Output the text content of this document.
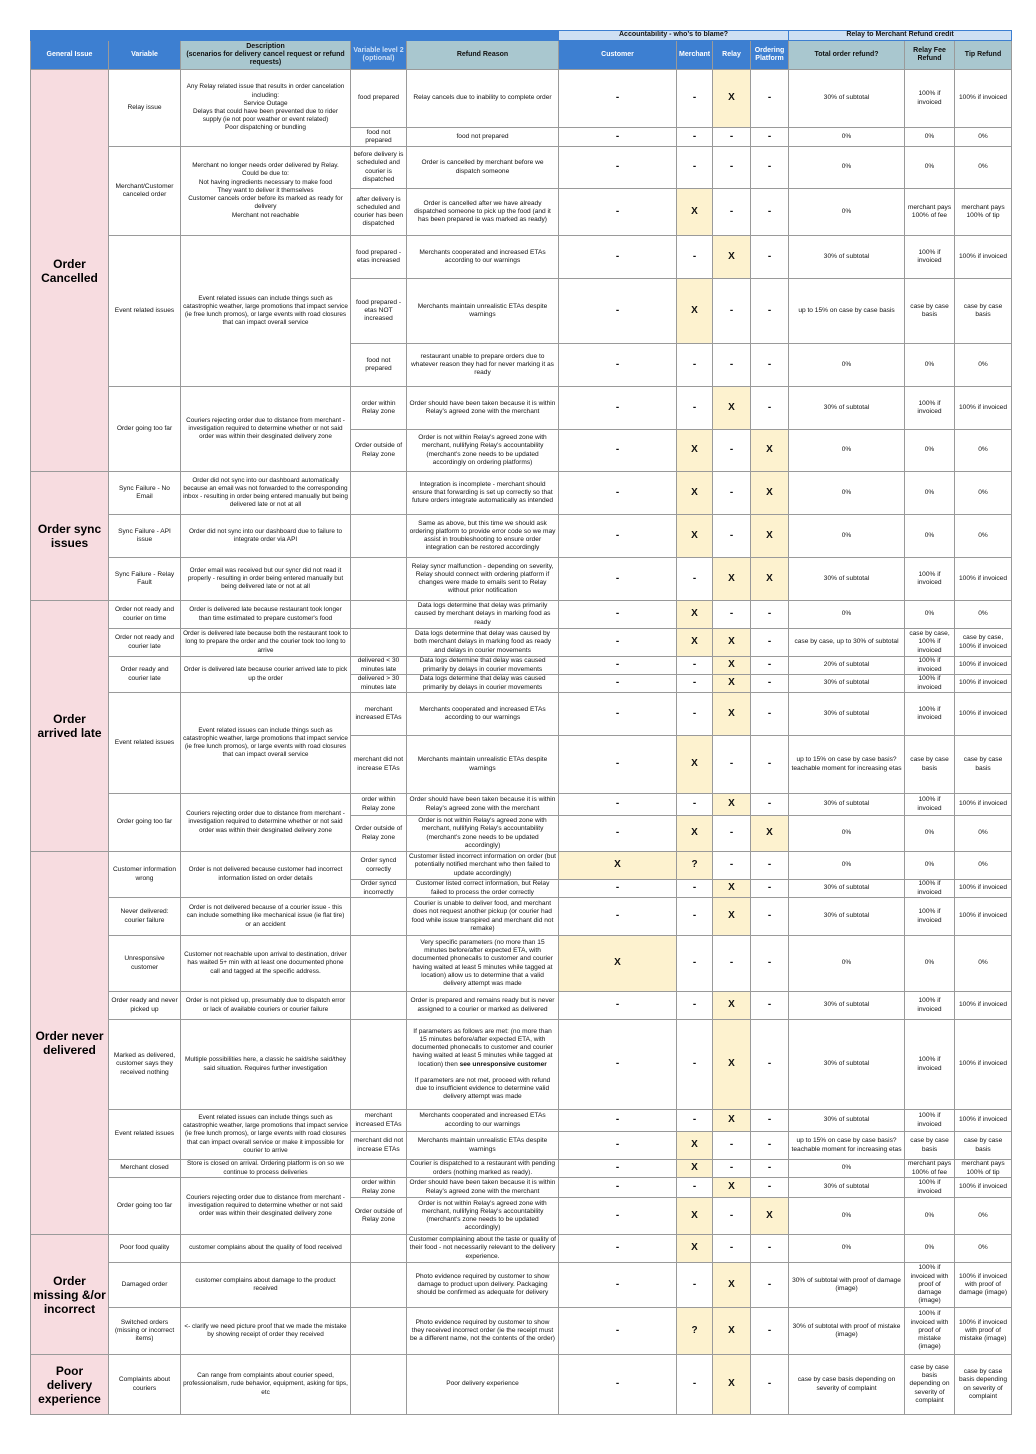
					Accountability - who's to blame?				Relay to Merchant Refund credit		
General Issue	Variable	Description
(scenarios for delivery cancel request or refund requests)	Variable level 2 (optional)	Refund Reason	Customer	Merchant	Relay	Ordering Platform	Total order refund?	Relay Fee Refund	Tip Refund
Order Cancelled	Relay issue	Any Relay related issue that results in order cancelation including:
Service Outage
Delays that could have been prevented due to rider supply (ie not poor weather or event related)
Poor dispatching or bundling	food prepared	Relay cancels due to inability to complete order	-	-	X	-	30% of subtotal	100% if invoiced	100% if invoiced
			food not prepared	food not prepared	-	-	-	-	0%	0%	0%
	Merchant/Customer canceled order	Merchant no longer needs order delivered by Relay. Could be due to:
Not having ingredients necessary to make food
They want to deliver it themselves
Customer cancels order before its marked as ready for delivery
Merchant not reachable	before delivery is scheduled and courier is dispatched	Order is cancelled by merchant before we dispatch someone	-	-	-	-	0%	0%	0%
			after delivery is scheduled and courier has been dispatched	Order is cancelled after we have already dispatched someone to pick up the food (and it has been prepared ie was marked as ready)	-	X	-	-	0%	merchant pays 100% of fee	merchant pays 100% of tip
	Event related issues	Event related issues can include things such as catastrophic weather, large promotions that impact service (ie free lunch promos), or large events with road closures that can impact overall service	food prepared - etas increased	Merchants cooperated and increased ETAs according to our warnings	-	-	X	-	30% of subtotal	100% if invoiced	100% if invoiced
			food prepared - etas NOT increased	Merchants maintain unrealistic ETAs despite warnings	-	X	-	-	up to 15% on case by case basis	case by case basis	case by case basis
			food not prepared	restaurant unable to prepare orders due to whatever reason they had for never marking it as ready	-	-	-	-	0%	0%	0%
	Order going too far	Couriers rejecting order due to distance from merchant - investigation required to determine whether or not said order was within their desginated delivery zone	order within Relay zone	Order should have been taken because it is within Relay's agreed zone with the merchant	-	-	X	-	30% of subtotal	100% if invoiced	100% if invoiced
			Order outside of Relay zone	Order is not within Relay's agreed zone with merchant, nullifying Relay's accountability (merchant's zone needs to be updated accordingly on ordering platforms)	-	X	-	X	0%	0%	0%
Order sync issues	Sync Failure - No Email	Order did not sync into our dashboard automatically because an email was not forwarded to the corresponding inbox - resulting in order being entered manually but being delivered late or not at all		Integration is incomplete - merchant should ensure that forwarding is set up correctly so that future orders integrate automatically as intended	-	X	-	X	0%	0%	0%
	Sync Failure - API issue	Order did not sync into our dashboard due to failure to integrate order via API		Same as above, but this time we should ask ordering platform to provide error code so we may assist in troubleshooting to ensure order integration can be restored accordingly	-	X	-	X	0%	0%	0%
	Sync Failure - Relay Fault	Order email was received but our syncr did not read it properly - resulting in order being entered manually but being delivered late or not at all		Relay syncr malfunction - depending on severity, Relay should connect with ordering platform if changes were made to emails sent to Relay without prior notification	-	-	X	X	30% of subtotal	100% if invoiced	100% if invoiced
Order arrived late	Order not ready and courier on time	Order is delivered late because restaurant took longer than time estimated to prepare customer's food		Data logs determine that delay was primarily caused by merchant delays in marking food as ready	-	X	-	-	0%	0%	0%
	Order not ready and courier late	Order is delivered late because both the restaurant took to long to prepare the order and the courier took too long to arrive		Data logs determine that delay was caused by both merchant delays in marking food as ready and delays in courier movements	-	X	X	-	case by case, up to 30% of subtotal	case by case, 100% if invoiced	case by case, 100% if invoiced
	Order ready and courier late	Order is delivered late because courier arrived late to pick up the order	delivered < 30 minutes late	Data logs determine that delay was caused primarily by delays in courier movements	-	-	X	-	20% of subtotal	100% if invoiced	100% if invoiced
			delivered > 30 minutes late	Data logs determine that delay was caused primarily by delays in courier movements	-	-	X	-	30% of subtotal	100% if invoiced	100% if invoiced
	Event related issues	Event related issues can include things such as catastrophic weather, large promotions that impact service (ie free lunch promos), or large events with road closures that can impact overall service	merchant increased ETAs	Merchants cooperated and increased ETAs according to our warnings	-	-	X	-	30% of subtotal	100% if invoiced	100% if invoiced
			merchant did not increase ETAs	Merchants maintain unrealistic ETAs despite warnings	-	X	-	-	up to 15% on case by case basis? teachable moment for increasing etas	case by case basis	case by case basis
	Order going too far	Couriers rejecting order due to distance from merchant - investigation required to determine whether or not said order was within their desginated delivery zone	order within Relay zone	Order should have been taken because it is within Relay's agreed zone with the merchant	-	-	X	-	30% of subtotal	100% if invoiced	100% if invoiced
			Order outside of Relay zone	Order is not within Relay's agreed zone with merchant, nullifying Relay's accountability (merchant's zone needs to be updated accordingly)	-	X	-	X	0%	0%	0%
Order never delivered	Customer information wrong	Order is not delivered because customer had incorrect information listed on order details	Order syncd correctly	Customer listed incorrect information on order (but potentially notified merchant who then failed to update accordingly)	X	?	-	-	0%	0%	0%
			Order syncd incorrectly	Customer listed correct information, but Relay failed to process the order correctly	-	-	X	-	30% of subtotal	100% if invoiced	100% if invoiced
	Never delivered: courier failure	Order is not delivered because of a courier issue - this can include something like mechanical issue (ie flat tire) or an accident		Courier is unable to deliver food, and merchant does not request another pickup (or courier had food while issue transpired and merchant did not remake)	-	-	X	-	30% of subtotal	100% if invoiced	100% if invoiced
	Unresponsive customer	Customer not reachable upon arrival to destination, driver has waited 5+ min with at least one documented phone call and tagged at the specific address.		Very specific parameters (no more than 15 minutes before/after expected ETA, with documented phonecalls to customer and courier having waited at least 5 minutes while tagged at location) allow us to determine that a valid delivery attempt was made	X	-	-	-	0%	0%	0%
	Order ready and never picked up	Order is not picked up, presumably due to dispatch error or lack of available couriers or courier failure		Order is prepared and remains ready but is never assigned to a courier or marked as delivered	-	-	X	-	30% of subtotal	100% if invoiced	100% if invoiced
	Marked as delivered, customer says they received nothing	Multiple possibilities here, a classic he said/she said/they said situation. Requires further investigation		If parameters as follows are met: (no more than 15 minutes before/after expected ETA, with documented phonecalls to customer and courier having waited at least 5 minutes while tagged at location) then see unresponsive customer
If parameters are not met, proceed with refund due to insufficient evidence to determine valid delivery attempt was made	-	-	X	-	30% of subtotal	100% if invoiced	100% if invoiced
	Event related issues	Event related issues can include things such as catastrophic weather, large promotions that impact service (ie free lunch promos), or large events with road closures that can impact overall service or make it impossible for courier to arrive	merchant increased ETAs	Merchants cooperated and increased ETAs according to our warnings	-	-	X	-	30% of subtotal	100% if invoiced	100% if invoiced
			merchant did not increase ETAs	Merchants maintain unrealistic ETAs despite warnings	-	X	-	-	up to 15% on case by case basis? teachable moment for increasing etas	case by case basis	case by case basis
	Merchant closed	Store is closed on arrival. Ordering platform is on so we continue to process deliveries		Courier is dispatched to a restaurant with pending orders (nothing marked as ready).	-	X	-	-	0%	merchant pays 100% of fee	merchant pays 100% of tip
	Order going too far	Couriers rejecting order due to distance from merchant - investigation required to determine whether or not said order was within their desginated delivery zone	order within Relay zone	Order should have been taken because it is within Relay's agreed zone with the merchant	-	-	X	-	30% of subtotal	100% if invoiced	100% if invoiced
			Order outside of Relay zone	Order is not within Relay's agreed zone with merchant, nullifying Relay's accountability (merchant's zone needs to be updated accordingly)	-	X	-	X	0%	0%	0%
Order missing &/or incorrect	Poor food quality	customer complains about the quality of food received		Customer complaining about the taste or quality of their food - not necessarily relevant to the delivery experience.	-	X	-	-	0%	0%	0%
	Damaged order	customer complains about damage to the product received		Photo evidence required by customer to show damage to product upon delivery. Packaging should be confirmed as adequate for delivery	-	-	X	-	30% of subtotal with proof of damage (image)	100% if invoiced with proof of damage (image)	100% if invoiced with proof of damage (image)
	Switched orders (missing or incorrect items)	<- clarify we need picture proof that we made the mistake by showing receipt of order they received		Photo evidence required by customer to show they received incorrect order (ie the receipt must be a different name, not the contents of the order)	-	?	X	-	30% of subtotal with proof of mistake (image)	100% if invoiced with proof of mistake (image)	100% if invoiced with proof of mistake (image)
Poor delivery experience	Complaints about couriers	Can range from complaints about courier speed, professionalism, rude behavior, equipment, asking for tips, etc		Poor delivery experience	-	-	X	-	case by case basis depending on severity of complaint	case by case basis depending on severity of complaint	case by case basis depending on severity of complaint
